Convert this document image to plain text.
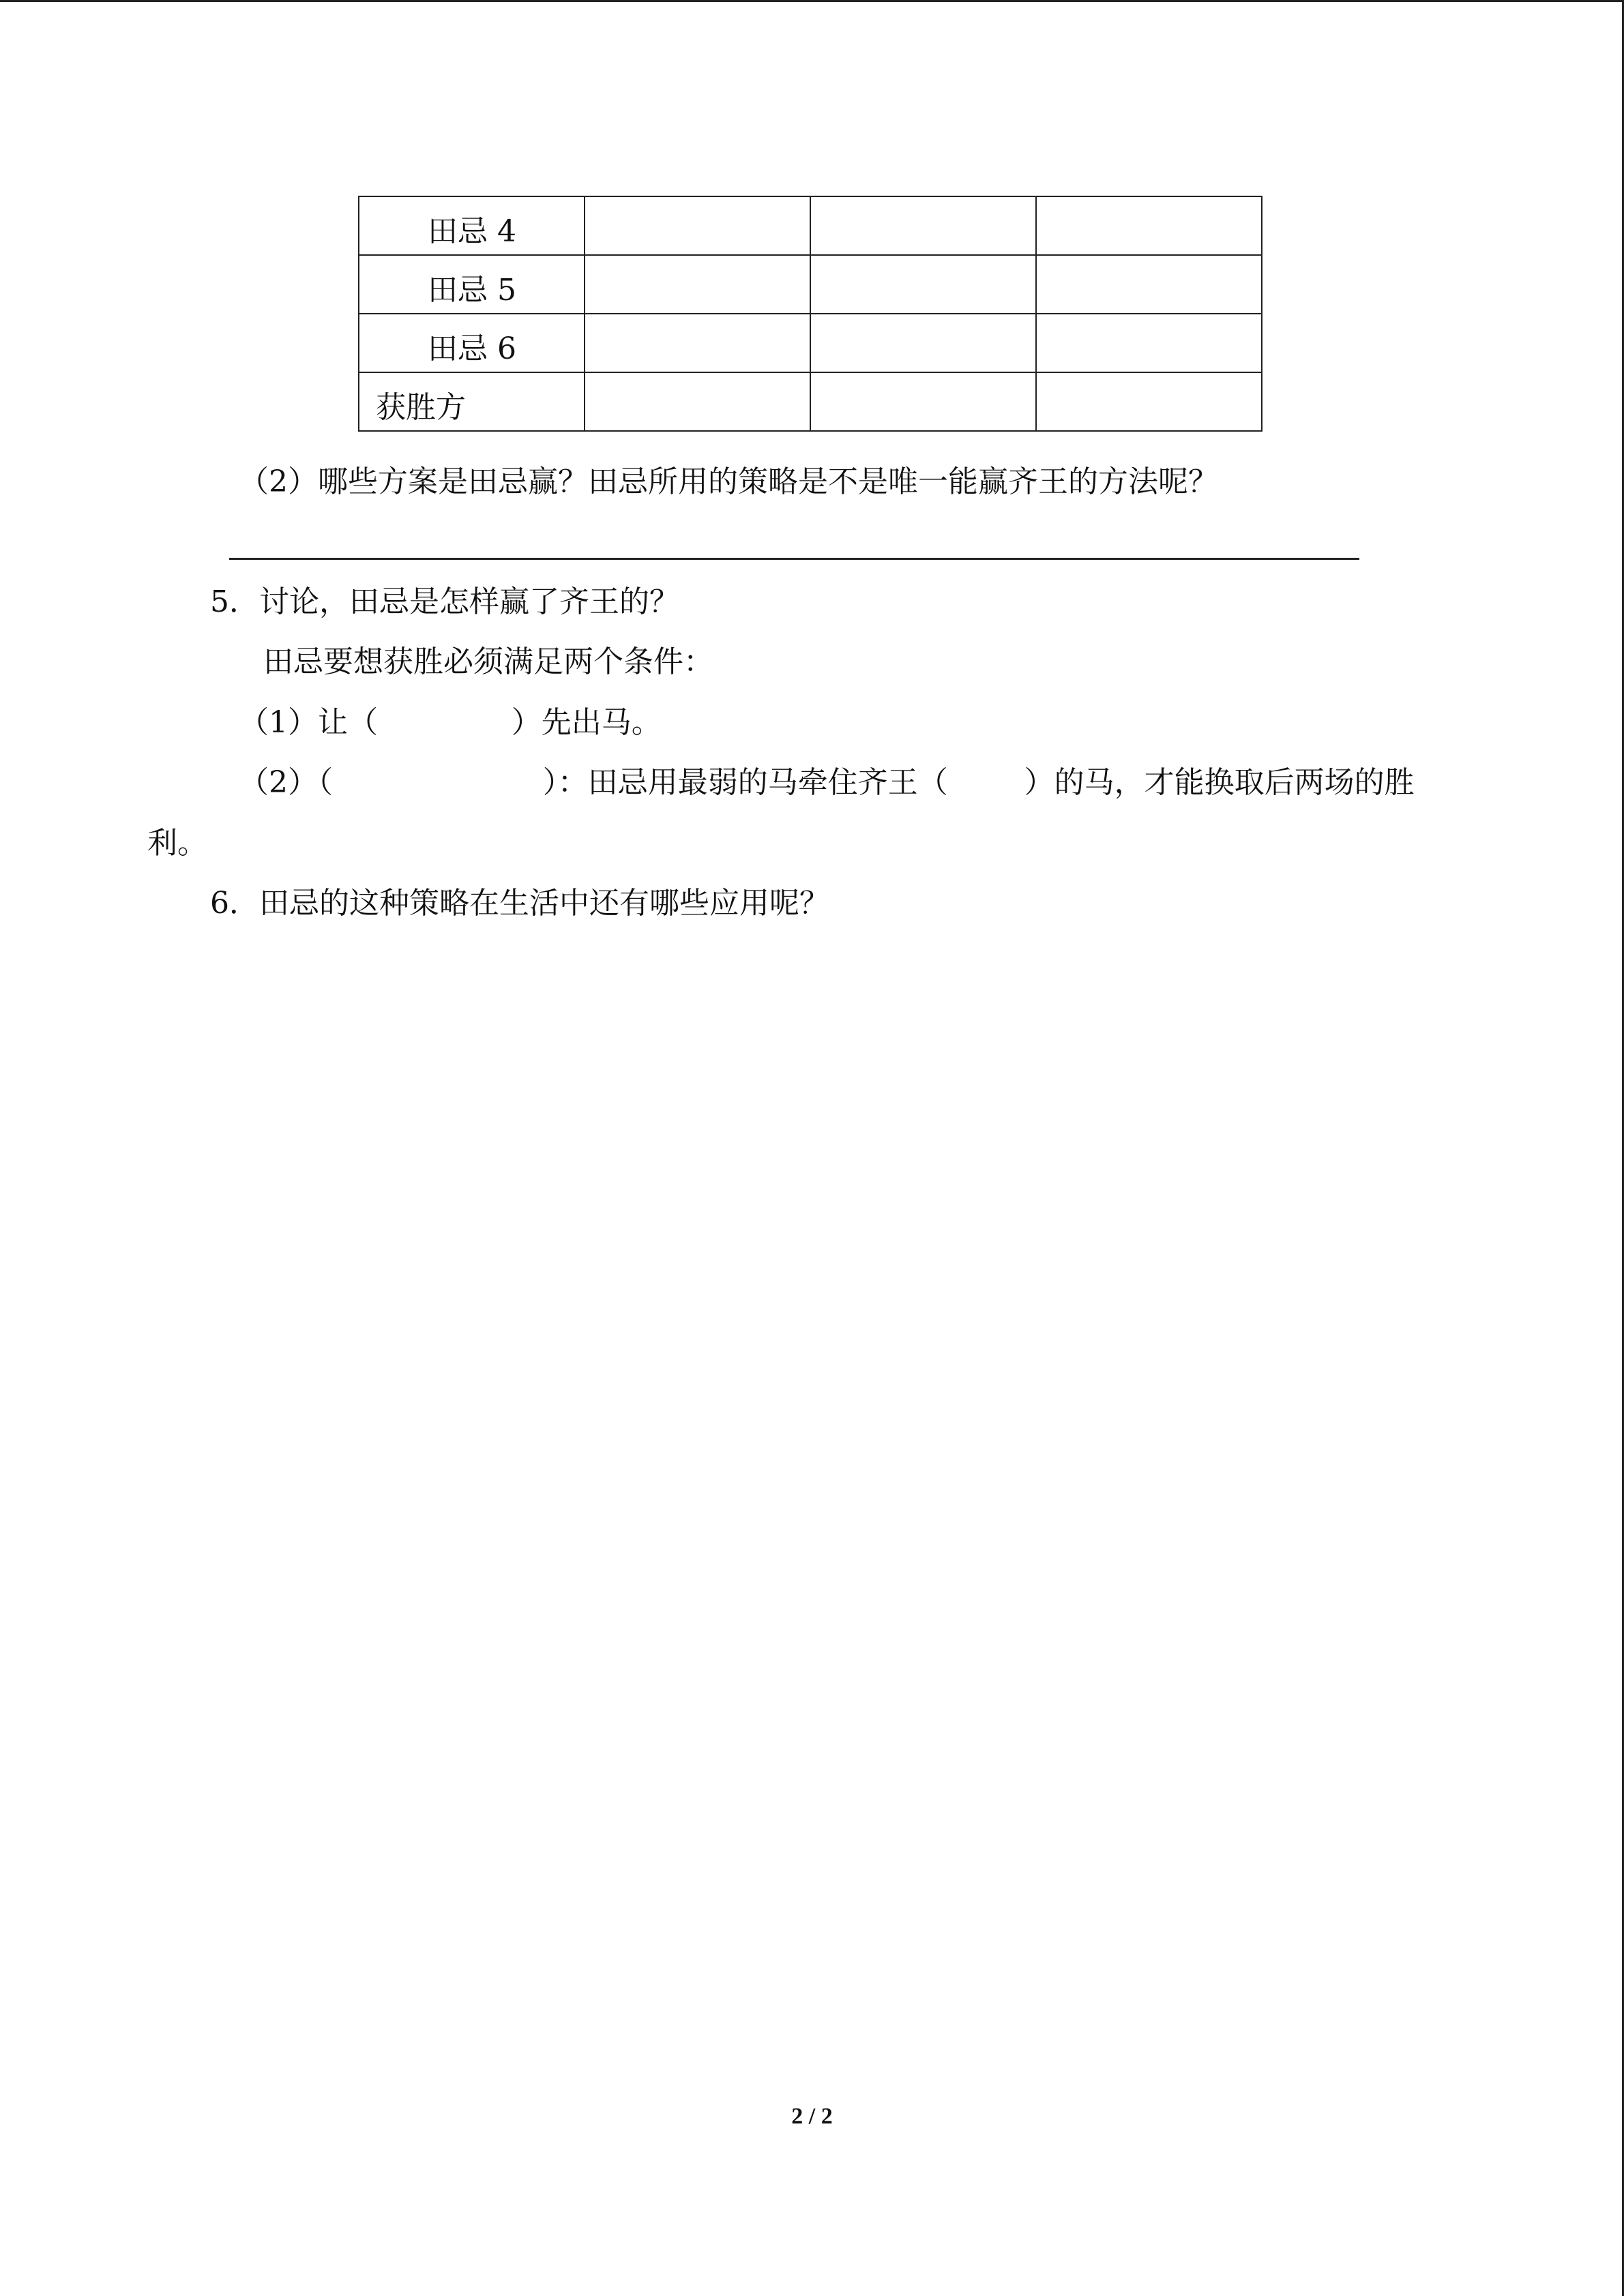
田忌 4			
田忌 5			
田忌 6			
获胜方			
（2）哪些方案是田忌赢？田忌所用的策略是不是唯一能赢齐王的方法呢？
5．讨论，田忌是怎样赢了齐王的？
田忌要想获胜必须满足两个条件：
（1）让（              ）先出马。
（2）（                      ）：田忌用最弱的马牵住齐王（        ）的马，才能换取后两场的胜
利。
6．田忌的这种策略在生活中还有哪些应用呢？
2 / 2
